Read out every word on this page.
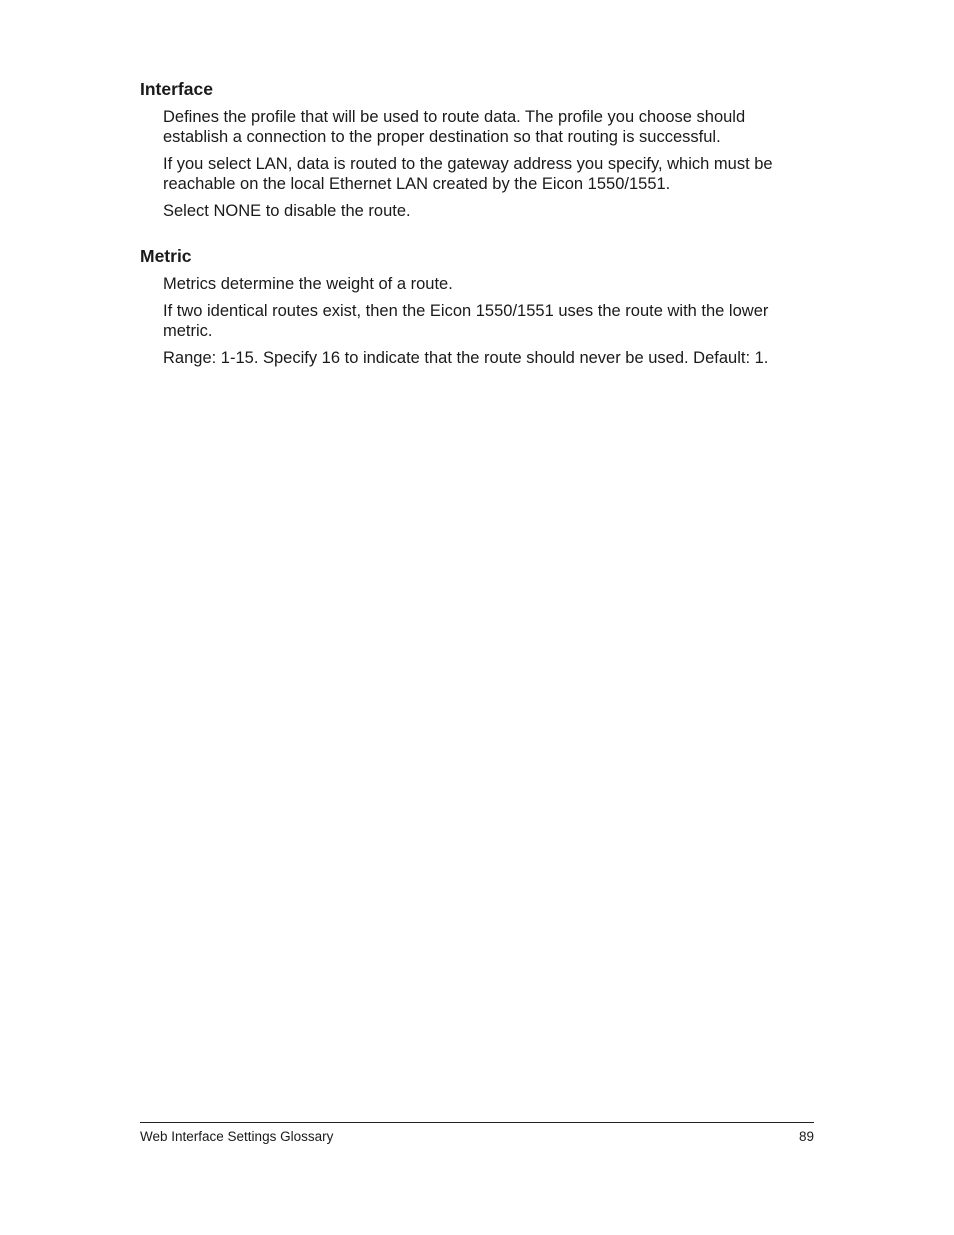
Interface

Defines the profile that will be used to route data. The profile you choose should establish a connection to the proper destination so that routing is successful.

If you select LAN, data is routed to the gateway address you specify, which must be reachable on the local Ethernet LAN created by the Eicon 1550/1551.

Select NONE to disable the route.

Metric

Metrics determine the weight of a route.

If two identical routes exist, then the Eicon 1550/1551 uses the route with the lower metric.

Range: 1-15. Specify 16 to indicate that the route should never be used. Default: 1.

Web Interface Settings Glossary	89
